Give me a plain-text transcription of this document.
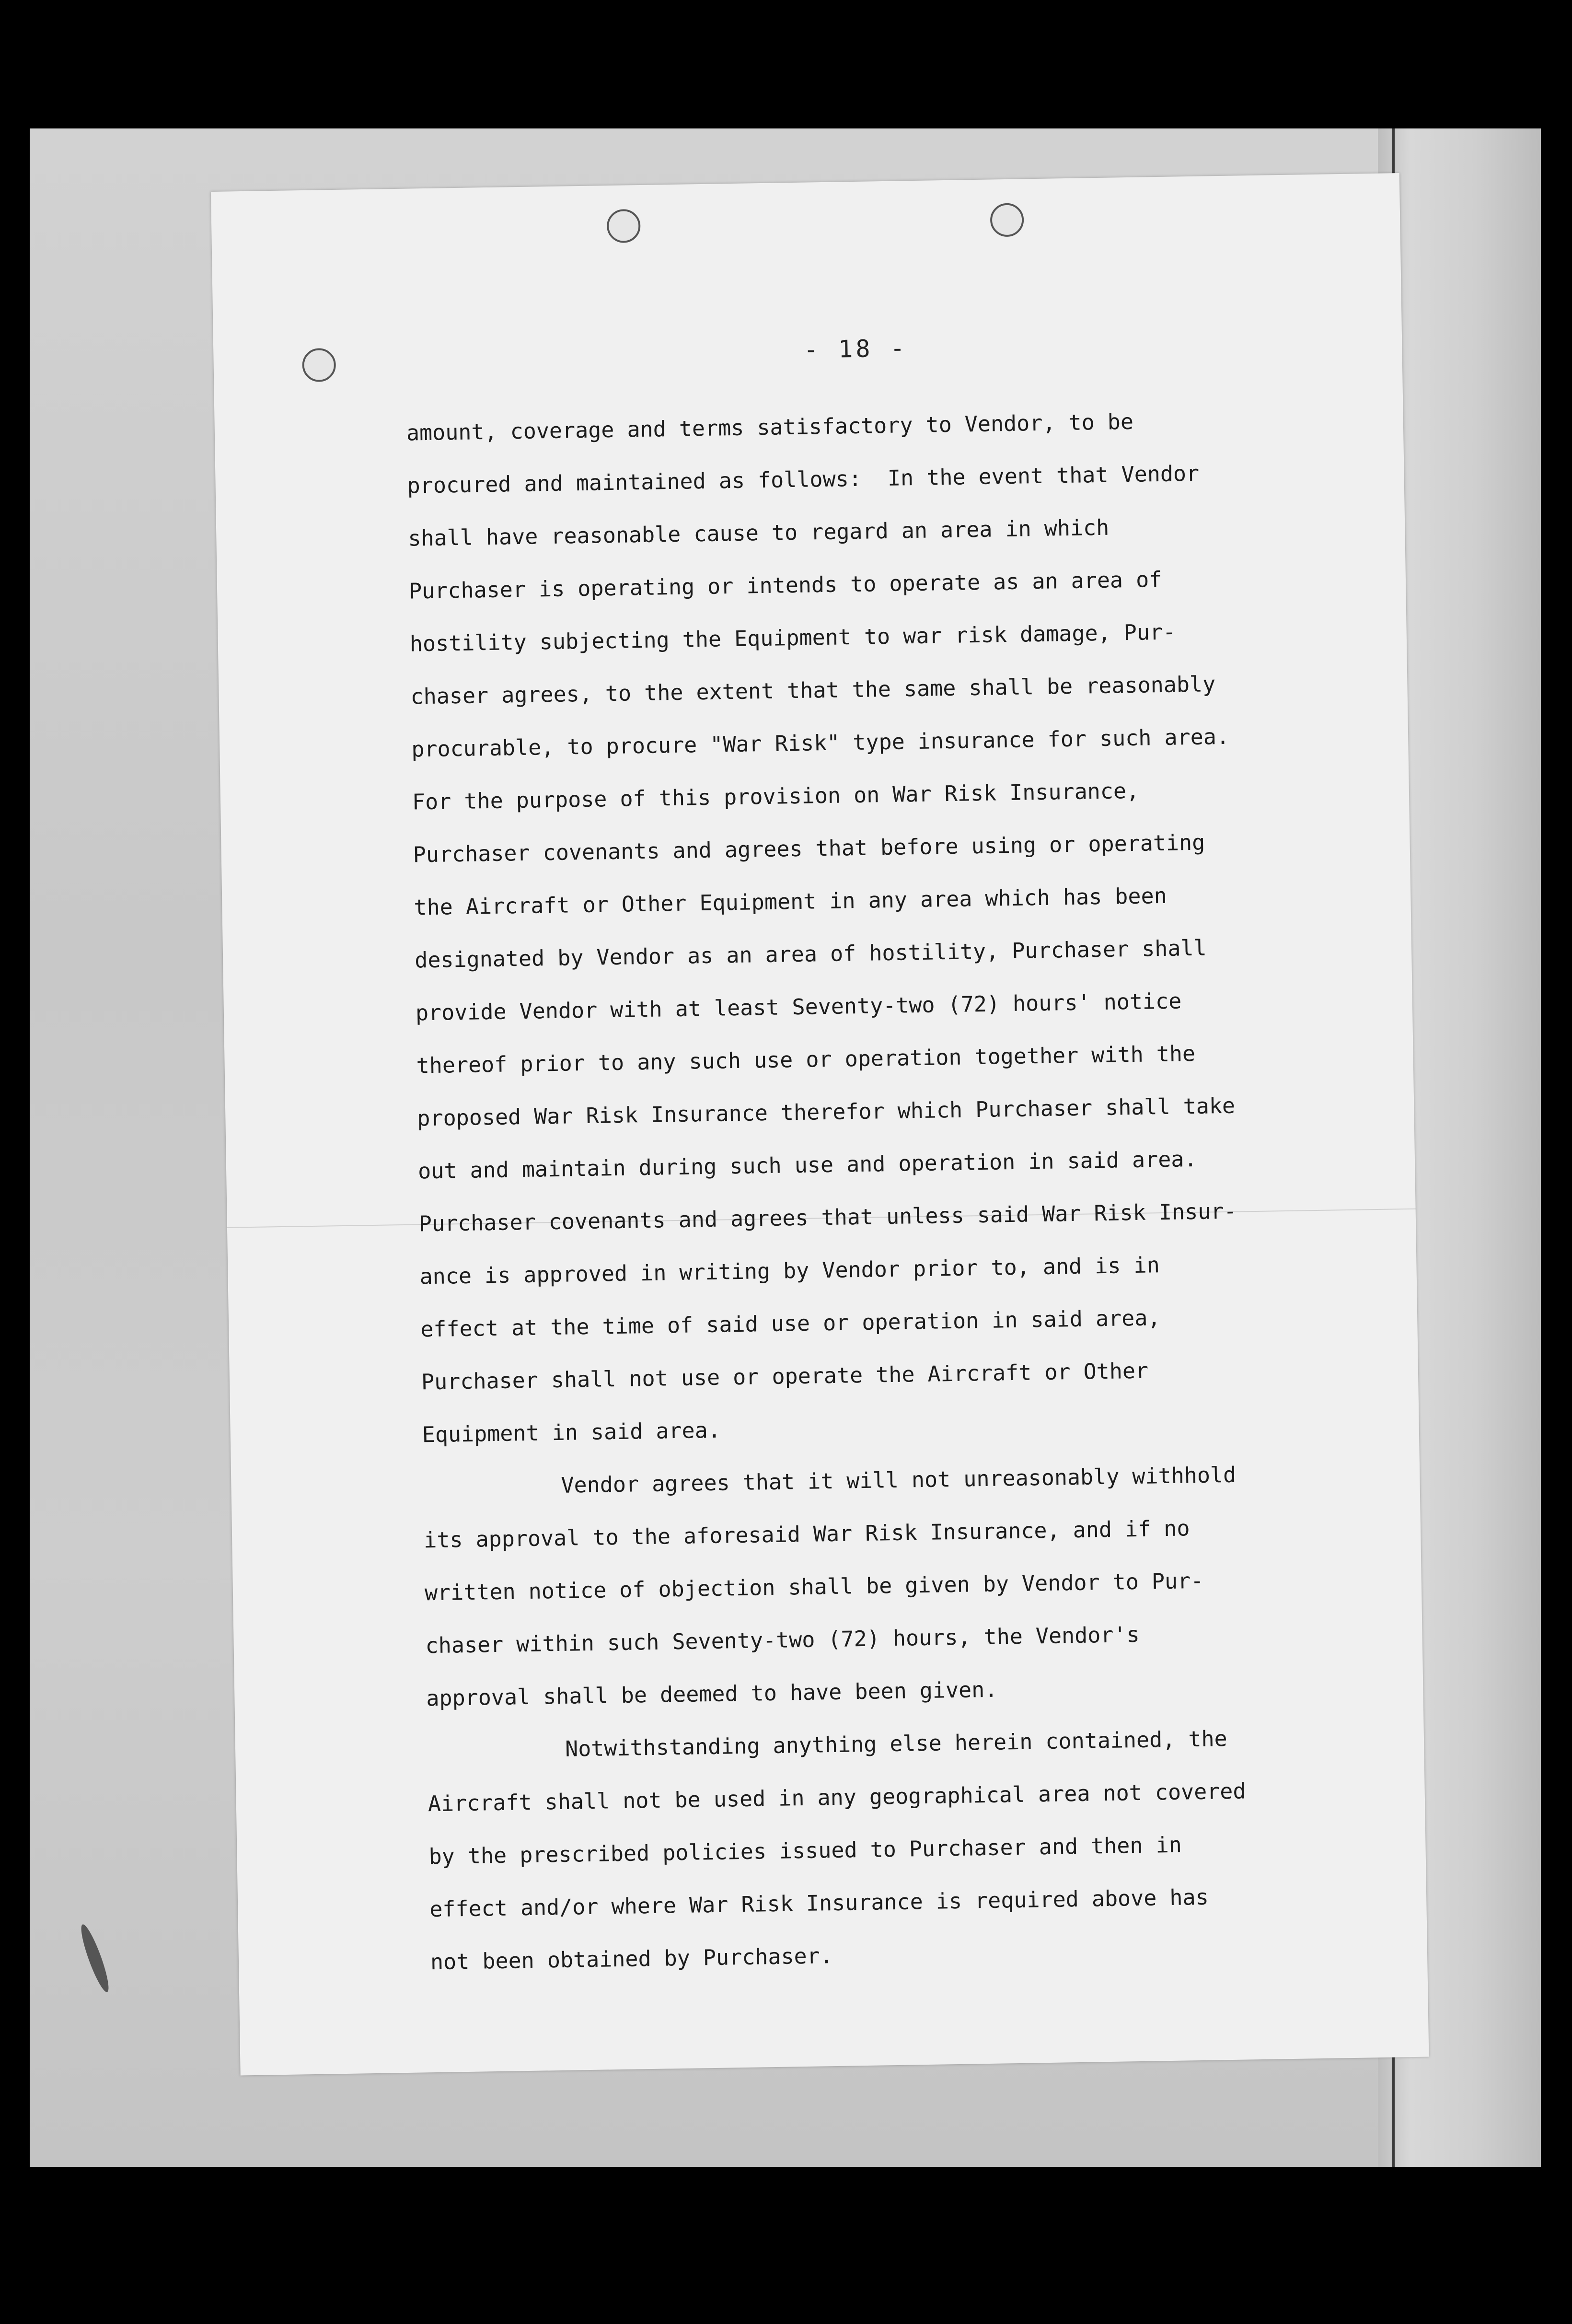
- 18 -
amount, coverage and terms satisfactory to Vendor, to be
procured and maintained as follows:  In the event that Vendor
shall have reasonable cause to regard an area in which
Purchaser is operating or intends to operate as an area of
hostility subjecting the Equipment to war risk damage, Pur-
chaser agrees, to the extent that the same shall be reasonably
procurable, to procure "War Risk" type insurance for such area.
For the purpose of this provision on War Risk Insurance,
Purchaser covenants and agrees that before using or operating
the Aircraft or Other Equipment in any area which has been
designated by Vendor as an area of hostility, Purchaser shall
provide Vendor with at least Seventy-two (72) hours' notice
thereof prior to any such use or operation together with the
proposed War Risk Insurance therefor which Purchaser shall take
out and maintain during such use and operation in said area.
Purchaser covenants and agrees that unless said War Risk Insur-
ance is approved in writing by Vendor prior to, and is in
effect at the time of said use or operation in said area,
Purchaser shall not use or operate the Aircraft or Other
Equipment in said area.
Vendor agrees that it will not unreasonably withhold
its approval to the aforesaid War Risk Insurance, and if no
written notice of objection shall be given by Vendor to Pur-
chaser within such Seventy-two (72) hours, the Vendor's
approval shall be deemed to have been given.
Notwithstanding anything else herein contained, the
Aircraft shall not be used in any geographical area not covered
by the prescribed policies issued to Purchaser and then in
effect and/or where War Risk Insurance is required above has
not been obtained by Purchaser.
